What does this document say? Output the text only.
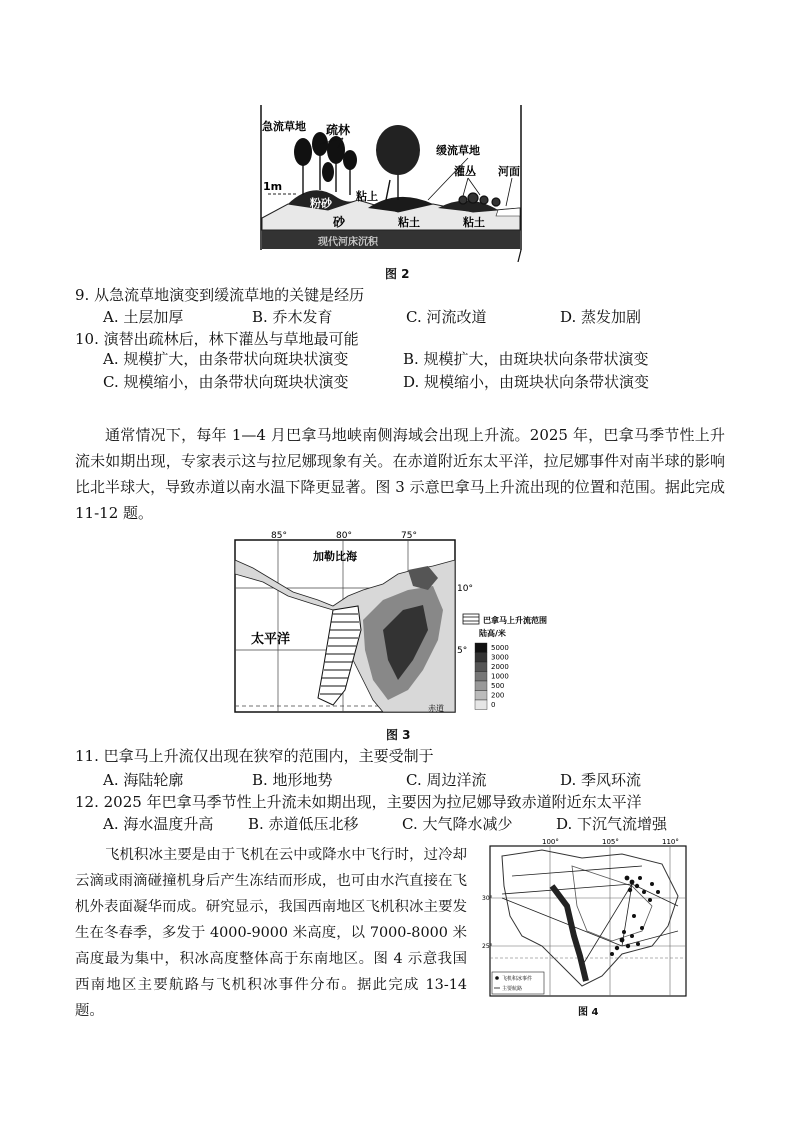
疏林
急流草地
缓流草地
灌丛 河面
1m
粉砂
粘上
砂	粘土	粘土
现代河床沉积
图 2
9. 从急流草地演变到缓流草地的关键是经历
A. 土层加厚	B. 乔木发育	C. 河流改道	D. 蒸发加剧
10. 演替出疏林后，林下灌丛与草地最可能
A. 规模扩大，由条带状向斑块状演变	B. 规模扩大，由斑块状向条带状演变
C. 规模缩小，由条带状向斑块状演变	D. 规模缩小，由斑块状向条带状演变
通常情况下，每年 1—4 月巴拿马地峡南侧海域会出现上升流。2025 年，巴拿马季节性上升流未如期出现，专家表示这与拉尼娜现象有关。在赤道附近东太平洋，拉尼娜事件对南半球的影响比北半球大，导致赤道以南水温下降更显著。图 3 示意巴拿马上升流出现的位置和范围。据此完成 11-12 题。
85°	80°	75°
10°
5°
加勒比海
太平洋
赤道
巴拿马上升流范围
陆高/米
5000
3000
2000
1000
500
200
0
图 3
11. 巴拿马上升流仅出现在狭窄的范围内，主要受制于
A. 海陆轮廓	B. 地形地势	C. 周边洋流	D. 季风环流
12. 2025 年巴拿马季节性上升流未如期出现，主要因为拉尼娜导致赤道附近东太平洋
A. 海水温度升高 B. 赤道低压北移	C. 大气降水减少	D. 下沉气流增强
飞机积冰主要是由于飞机在云中或降水中飞行时，过冷却云滴或雨滴碰撞机身后产生冻结而形成，也可由水汽直接在飞机外表面凝华而成。研究显示，我国西南地区飞机积冰主要发生在冬春季，多发于 4000-9000 米高度，以 7000-8000 米高度最为集中，积冰高度整体高于东南地区。图 4 示意我国西南地区主要航路与飞机积冰事件分布。据此完成 13-14 题。
100°	105°	110°
30°
25°
飞机积冰事件
主要航路
图 4
